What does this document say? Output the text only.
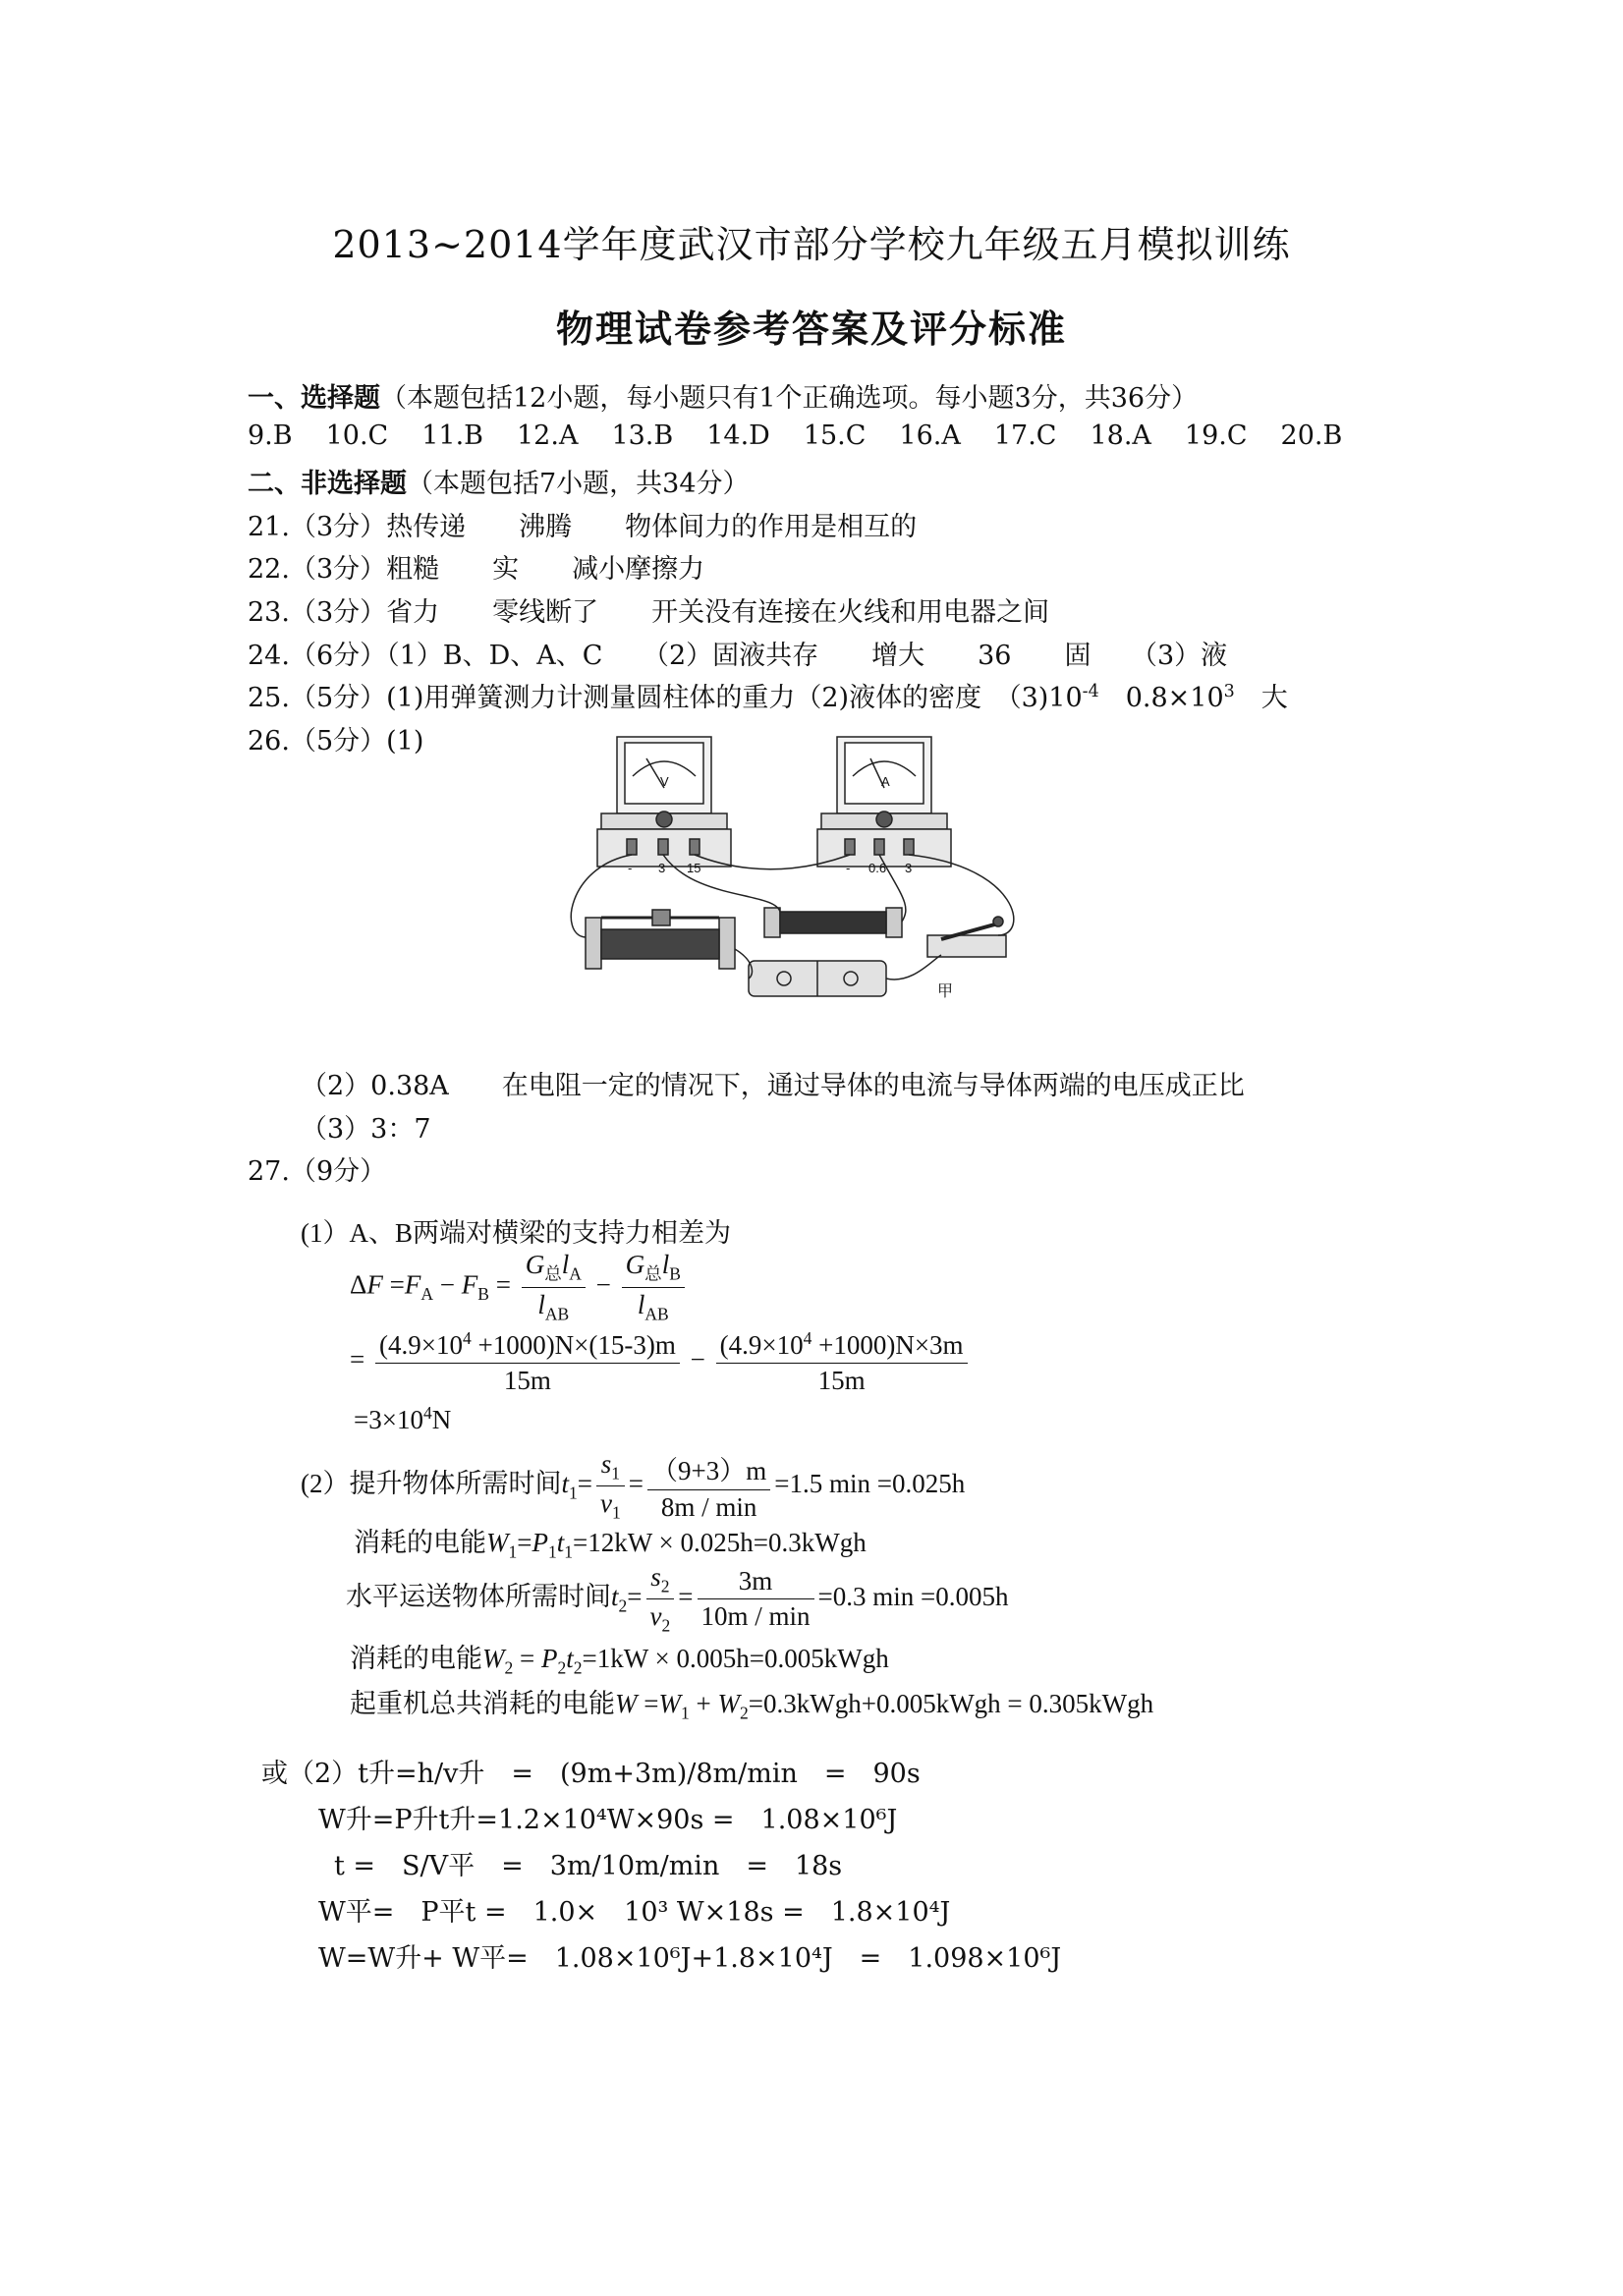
2013~2014学年度武汉市部分学校九年级五月模拟训练
物理试卷参考答案及评分标准
一、选择题（本题包括12小题，每小题只有1个正确选项。每小题3分，共36分）
9.B 10.C 11.B 12.A 13.B 14.D 15.C 16.A 17.C 18.A 19.C 20.B
二、非选择题（本题包括7小题，共34分）
21.（3分）热传递　　沸腾　　物体间力的作用是相互的
22.（3分）粗糙　　实　　减小摩擦力
23.（3分）省力　　零线断了　　开关没有连接在火线和用电器之间
24.（6分）（1）B、D、A、C　　（2）固液共存　　增大　　36　　固　　（3）液
25.（5分）(1)用弹簧测力计测量圆柱体的重力（2)液体的密度　$(3)10^{-4}$　$0.8\times 10^3$　大
26.（5分）(1)
V	A
- 3 15	- 0.6 3
甲
（2）0.38A　　在电阻一定的情况下，通过导体的电流与导体两端的电压成正比
（3）3：7
27.（9分）
(1）A、B两端对横梁的支持力相差为
$\Delta F =F_A - F_B = \frac{G_总l_A}{l_{AB}} - \frac{G_总l_B}{l_{AB}}$
= $\frac{(4.9\times 10^4 +1000)N\times(15-3)m}{15m} - \frac{(4.9\times 10^4 +1000)N\times 3m}{15m}$
$=3\times 10^4N$
(2）提升物体所需时间$t_1= \frac{s_1}{v_1} = \frac{(9+3)m}{8m / \min} =1.5$ min =0.025h
消耗的电能$W_1=P_1t_1=12kW$ × 0.025h=0.3kWgh
水平运送物体所需时间$t_2= \frac{s_2}{v_2} = \frac{3m}{10m / \min} =0.3$ min =0.005h
消耗的电能$W_2 = P_2t_2=1kW$ × 0.005h=0.005kWgh
起重机总共消耗的电能$W =W_1$ + $W_2=0.3kWgh+0.005kWgh$ = 0.305kWgh
或（2）t升=h/v升　=　(9m+3m)/8m/min　=　90s
W升=P升t升=1.2×10⁴W×90s =　1.08×10⁶J
t =　S/V平　=　3m/10m/min　=　18s
W平=　P平t =　1.0×　10³ W×18s =　1.8×10⁴J
W=W升+ W平=　1.08×10⁶J+1.8×10⁴J　=　1.098×10⁶J
